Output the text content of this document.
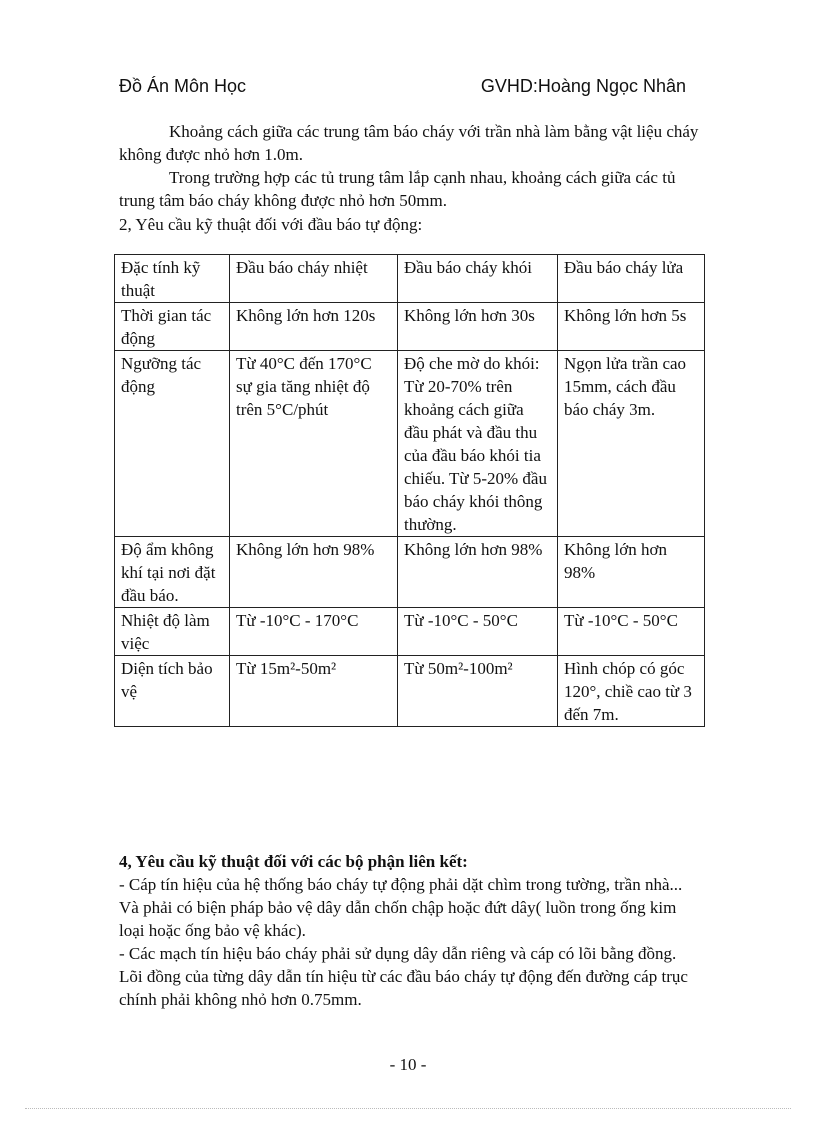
Đồ Án Môn Học	GVHD:Hoàng Ngọc Nhân
Khoảng cách giữa các trung tâm báo cháy với trần nhà làm bằng vật liệu cháy không được nhỏ hơn 1.0m.
Trong trường hợp các tủ trung tâm lắp cạnh nhau, khoảng cách giữa các tủ trung tâm báo cháy không được nhỏ hơn 50mm.
2, Yêu cầu kỹ thuật đối với đầu báo tự động:
Đặc tính kỹ thuật	Đầu báo cháy nhiệt	Đầu báo cháy khói	Đầu báo cháy lửa
Thời gian tác động	Không lớn hơn 120s	Không lớn hơn 30s	Không lớn hơn 5s
Ngưỡng tác động	Từ 40°C đến 170°C sự gia tăng nhiệt độ trên 5°C/phút	Độ che mờ do khói: Từ 20-70% trên khoảng cách giữa đầu phát và đầu thu của đầu báo khói tia chiếu. Từ 5-20% đầu báo cháy khói thông thường.	Ngọn lửa trần cao 15mm, cách đầu báo cháy 3m.
Độ ẩm không khí tại nơi đặt đầu báo.	Không lớn hơn 98%	Không lớn hơn 98%	Không lớn hơn 98%
Nhiệt độ làm việc	Từ -10°C - 170°C	Từ -10°C - 50°C	Từ -10°C - 50°C
Diện tích bảo vệ	Từ 15m²-50m²	Từ 50m²-100m²	Hình chóp có góc 120°, chiề cao từ 3 đến 7m.
4, Yêu cầu kỹ thuật đối với các bộ phận liên kết:
- Cáp tín hiệu của hệ thống báo cháy tự động phải dặt chìm trong tường, trần nhà... Và phải có biện pháp bảo vệ dây dẫn chốn chập hoặc đứt dây( luồn trong ống kim loại hoặc ống bảo vệ khác).
- Các mạch tín hiệu báo cháy phải sử dụng dây dẫn riêng và cáp có lõi bằng đồng. Lõi đồng của từng dây dẫn tín hiệu từ các đầu báo cháy tự động đến đường cáp trục chính phải không nhỏ hơn 0.75mm.
- 10 -
